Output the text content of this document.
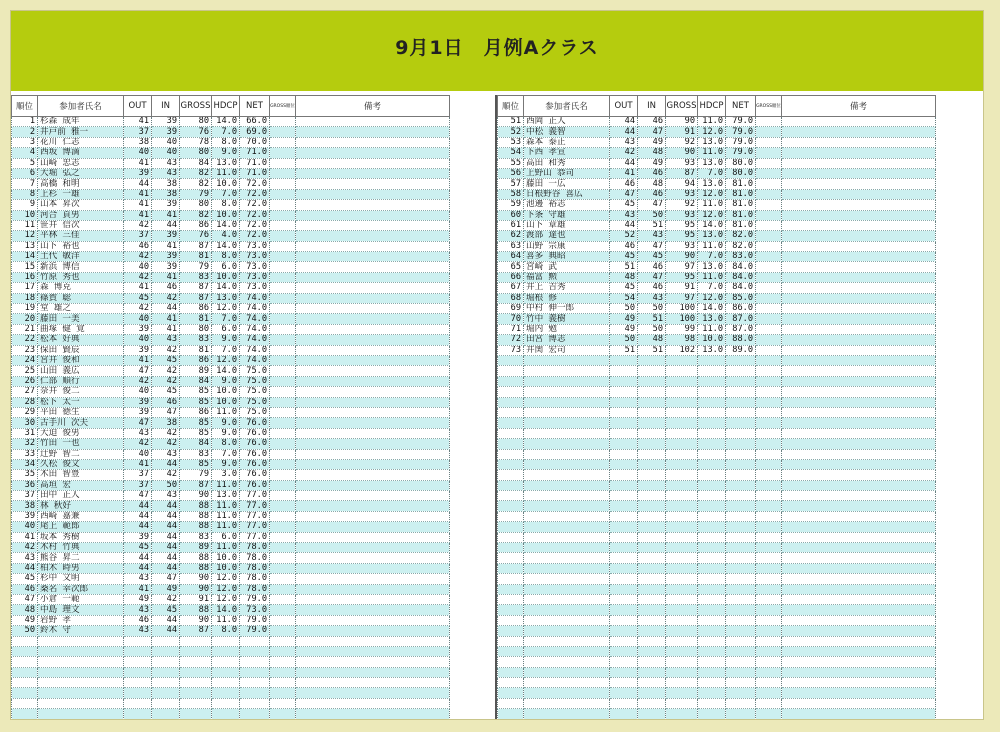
9月1日　月例Aクラス
順位	参加者氏名	OUT	IN	GROSS	HDCP	NET	GROSS順位	備考
1	杉森 成年	41	39	80	14.0	66.0		
2	井戸前 雅一	37	39	76	7.0	69.0		
3	花川 仁志	38	40	78	8.0	70.0		
4	西坂 博満	40	40	80	9.0	71.0		
5	山崎 忠志	41	43	84	13.0	71.0		
6	大堀 弘之	39	43	82	11.0	71.0		
7	高橋 和明	44	38	82	10.0	72.0		
8	上杉 一雄	41	38	79	7.0	72.0		
9	山本 昇次	41	39	80	8.0	72.0		
10	河合 貞男	41	41	82	10.0	72.0		
11	笹井 信次	42	44	86	14.0	72.0		
12	平林 三佳	37	39	76	4.0	72.0		
13	山下 裕也	46	41	87	14.0	73.0		
14	土代 敏洋	42	39	81	8.0	73.0		
15	新浜 博信	40	39	79	6.0	73.0		
16	竹原 秀也	42	41	83	10.0	73.0		
17	森 博克	41	46	87	14.0	73.0		
18	篠賀 聡	45	42	87	13.0	74.0		
19	堂 雄之	42	44	86	12.0	74.0		
20	藤田 一美	40	41	81	7.0	74.0		
21	曲塚 健 覚	39	41	80	6.0	74.0		
22	松本 好典	40	43	83	9.0	74.0		
23	保田 賢辰	39	42	81	7.0	74.0		
24	宮井 俊和	41	45	86	12.0	74.0		
25	山田 義広	47	42	89	14.0	75.0		
26	仁部 順行	42	42	84	9.0	75.0		
27	奈井 俊二	40	45	85	10.0	75.0		
28	松下 太一	39	46	85	10.0	75.0		
29	平田 徳生	39	47	86	11.0	75.0		
30	古手川 次夫	47	38	85	9.0	76.0		
31	大迫 俊男	43	42	85	9.0	76.0		
32	竹田 一也	42	42	84	8.0	76.0		
33	辻野 智二	40	43	83	7.0	76.0		
34	久松 俊文	41	44	85	9.0	76.0		
35	木田 智豊	37	42	79	3.0	76.0		
36	高垣 宏	37	50	87	11.0	76.0		
37	田中 正人	47	43	90	13.0	77.0		
38	林 秋好	44	44	88	11.0	77.0		
39	西崎 嘉兼	44	44	88	11.0	77.0		
40	尾上 範郎	44	44	88	11.0	77.0		
41	坂本 秀樹	39	44	83	6.0	77.0		
42	木村 竹典	45	44	89	11.0	78.0		
43	熊谷 昇二	44	44	88	10.0	78.0		
44	柏木 時男	44	44	88	10.0	78.0		
45	杉中 文明	43	47	90	12.0	78.0		
46	桑名 幸次郎	41	49	90	12.0	78.0		
47	小倉 一範	49	42	91	12.0	79.0		
48	中島 理文	43	45	88	14.0	73.0		
49	岩野 孝	46	44	90	11.0	79.0		
50	鈴木 守	43	44	87	8.0	79.0		

順位	参加者氏名	OUT	IN	GROSS	HDCP	NET	GROSS順位	備考
51	西岡 正人	44	46	90	11.0	79.0		
52	中松 義智	44	47	91	12.0	79.0		
53	森本 泰正	43	49	92	13.0	79.0		
54	下西 孝宣	42	48	90	11.0	79.0		
55	高田 和秀	44	49	93	13.0	80.0		
56	上野山 恭司	41	46	87	7.0	80.0		
57	藤田 一広	46	48	94	13.0	81.0		
58	日根野谷 喜広	47	46	93	12.0	81.0		
59	池邊 裕志	45	47	92	11.0	81.0		
60	下条 守雄	43	50	93	12.0	81.0		
61	山下 章雄	44	51	95	14.0	81.0		
62	渡部 達也	52	43	95	13.0	82.0		
63	山野 宗康	46	47	93	11.0	82.0		
64	喜多 典昭	45	45	90	7.0	83.0		
65	宮崎 武	51	46	97	13.0	84.0		
66	福富 勲	48	47	95	11.0	84.0		
67	井上 吉秀	45	46	91	7.0	84.0		
68	堀根 修	54	43	97	12.0	85.0		
69	中村 伸一郎	50	50	100	14.0	86.0		
70	竹中 義樹	49	51	100	13.0	87.0		
71	堀内 勉	49	50	99	11.0	87.0		
72	田宮 博志	50	48	98	10.0	88.0		
73	井関 宏司	51	51	102	13.0	89.0		
